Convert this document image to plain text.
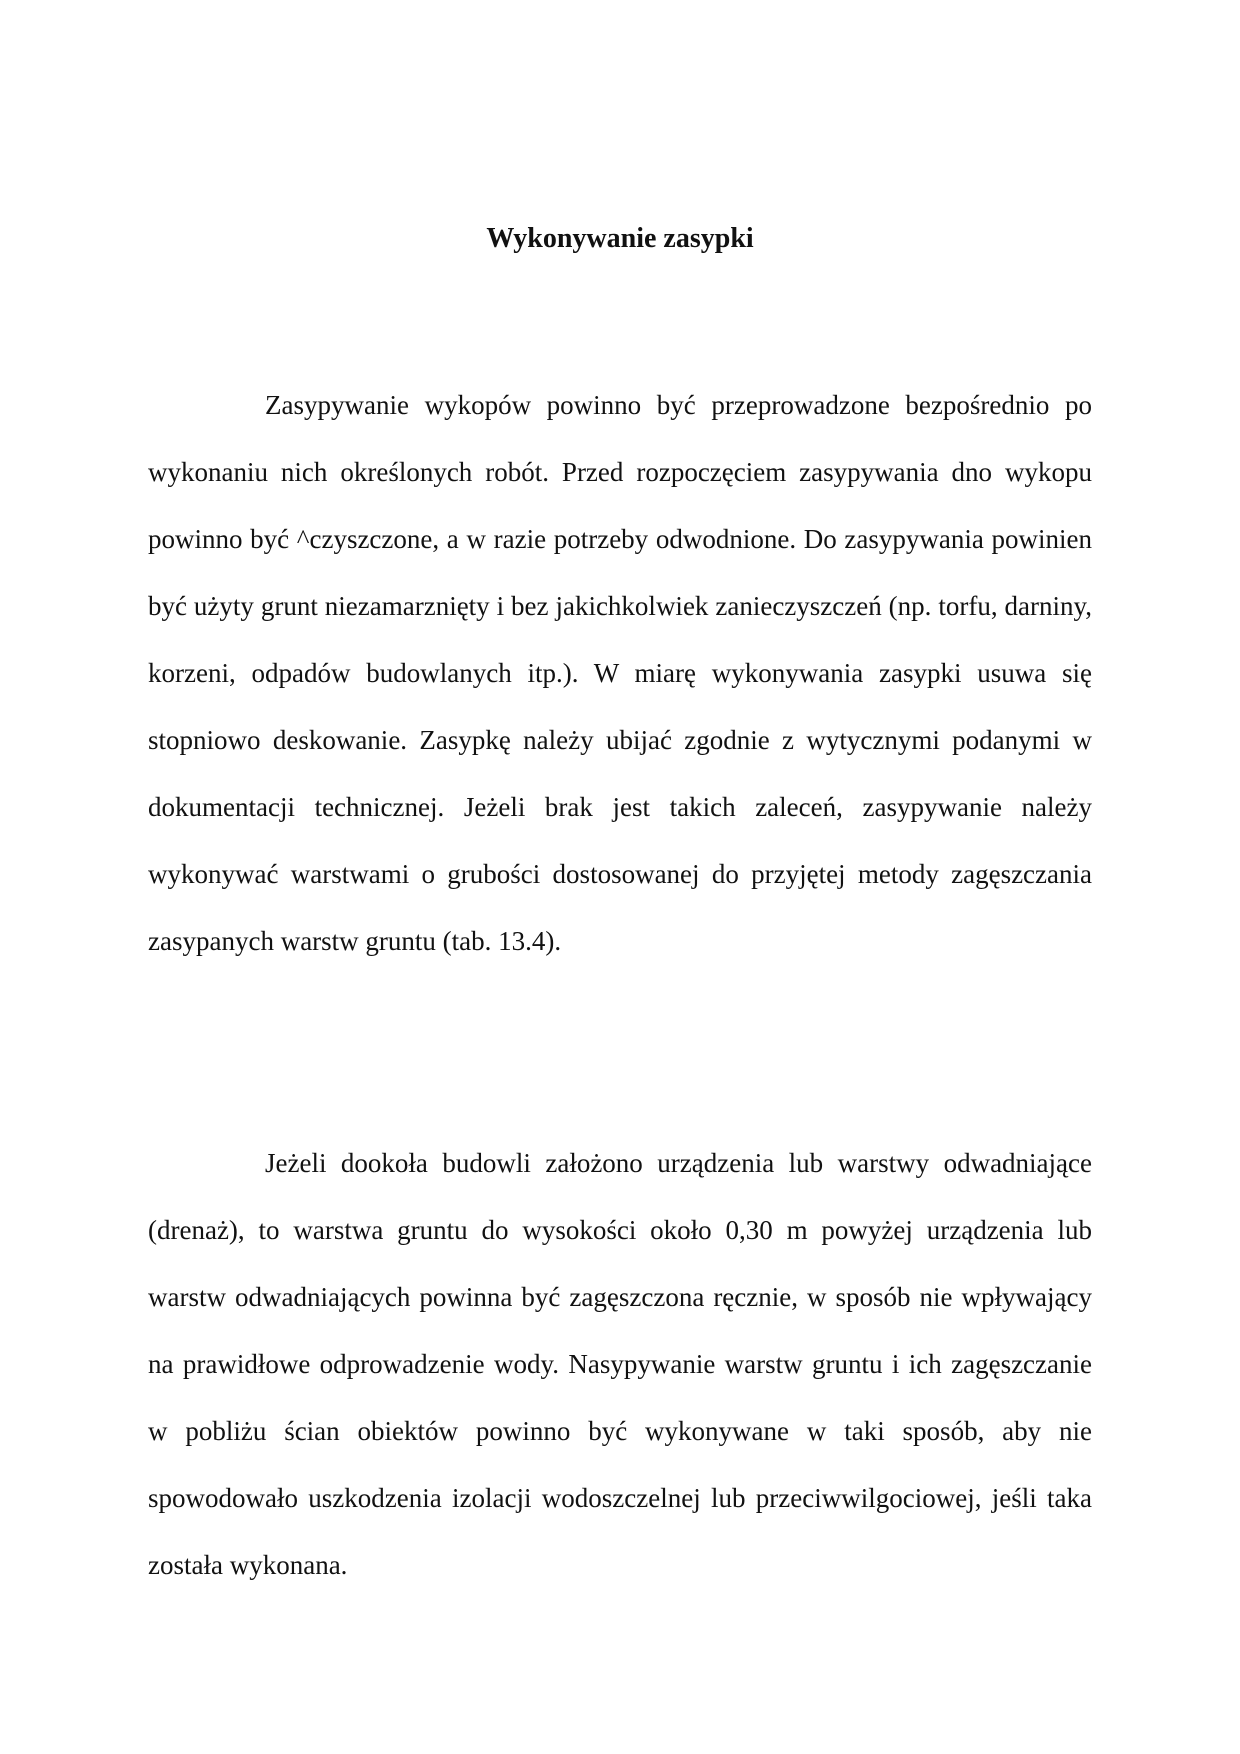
Wykonywanie zasypki

Zasypywanie wykopów powinno być przeprowadzone bezpośrednio po wykonaniu nich określonych robót. Przed rozpoczęciem zasypywania dno wykopu powinno być ^czyszczone, a w razie potrzeby odwodnione. Do zasypywania powinien być użyty grunt niezamarznięty i bez jakichkolwiek zanieczyszczeń (np. torfu, darniny, korzeni, odpadów budowlanych itp.). W miarę wykonywania zasypki usuwa się stopniowo deskowanie. Zasypkę należy ubijać zgodnie z wytycznymi podanymi w dokumentacji technicznej. Jeżeli brak jest takich zaleceń, zasypywanie należy wykonywać warstwami o grubości dostosowanej do przyjętej metody zagęszczania zasypanych warstw gruntu (tab. 13.4).

Jeżeli dookoła budowli założono urządzenia lub warstwy odwadniające (drenaż), to warstwa gruntu do wysokości około 0,30 m powyżej urządzenia lub warstw odwadniających powinna być zagęszczona ręcznie, w sposób nie wpływający na prawidłowe odprowadzenie wody. Nasypywanie warstw gruntu i ich zagęszczanie w pobliżu ścian obiektów powinno być wykonywane w taki sposób, aby nie spowodowało uszkodzenia izolacji wodoszczelnej lub przeciwwilgociowej, jeśli taka została wykonana.
